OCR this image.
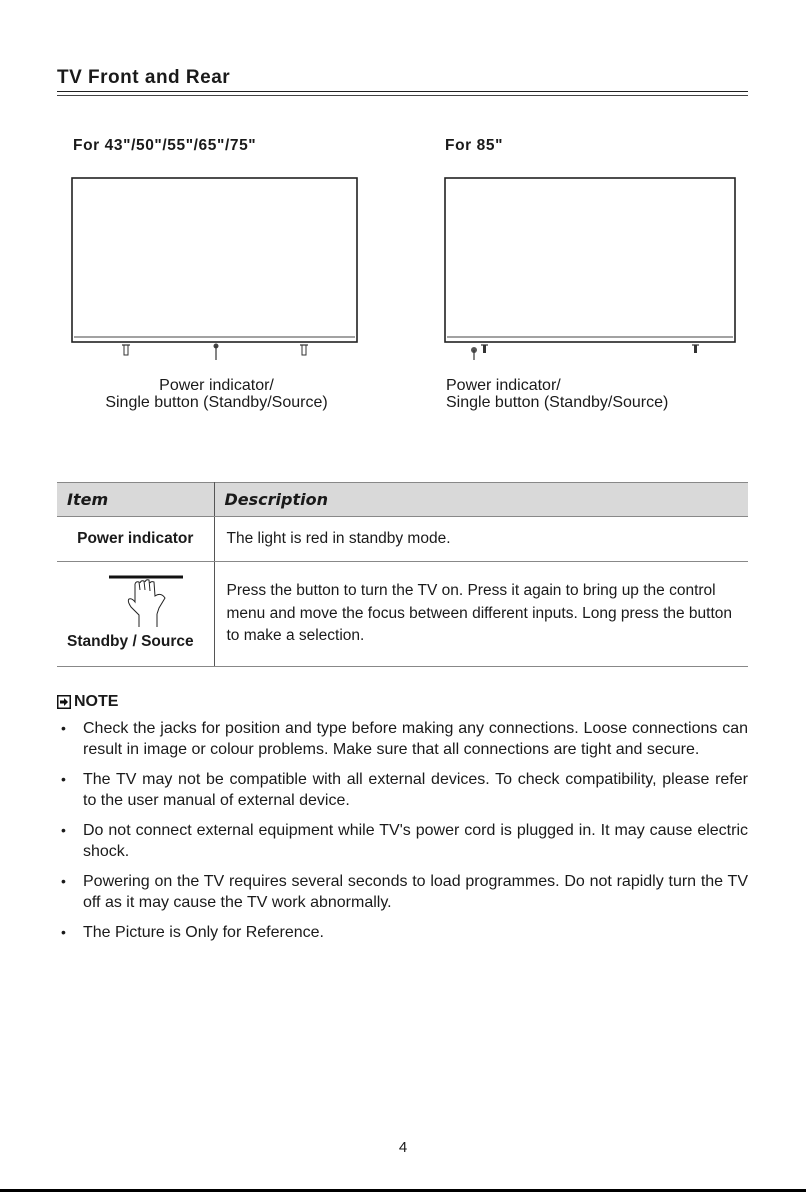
TV Front and Rear
For 43"/50"/55"/65"/75"
Power indicator/
Single button (Standby/Source)
For 85"
Power indicator/
Single button (Standby/Source)
Item	Description
Power indicator	The light is red in standby mode.

Standby / Source	Press the button to turn the TV on. Press it again to bring up the control menu and move the focus between different inputs. Long press the button to make a selection.
NOTE
• Check the jacks for position and type before making any connections. Loose connections can result in image or colour problems. Make sure that all connections are tight and secure.
• The TV may not be compatible with all external devices. To check compatibility, please refer to the user manual of external device.
• Do not connect external equipment while TV's power cord is plugged in. It may cause electric shock.
• Powering on the TV requires several seconds to load programmes. Do not rapidly turn the TV off as it may cause the TV work abnormally.
• The Picture is Only for Reference.
4
